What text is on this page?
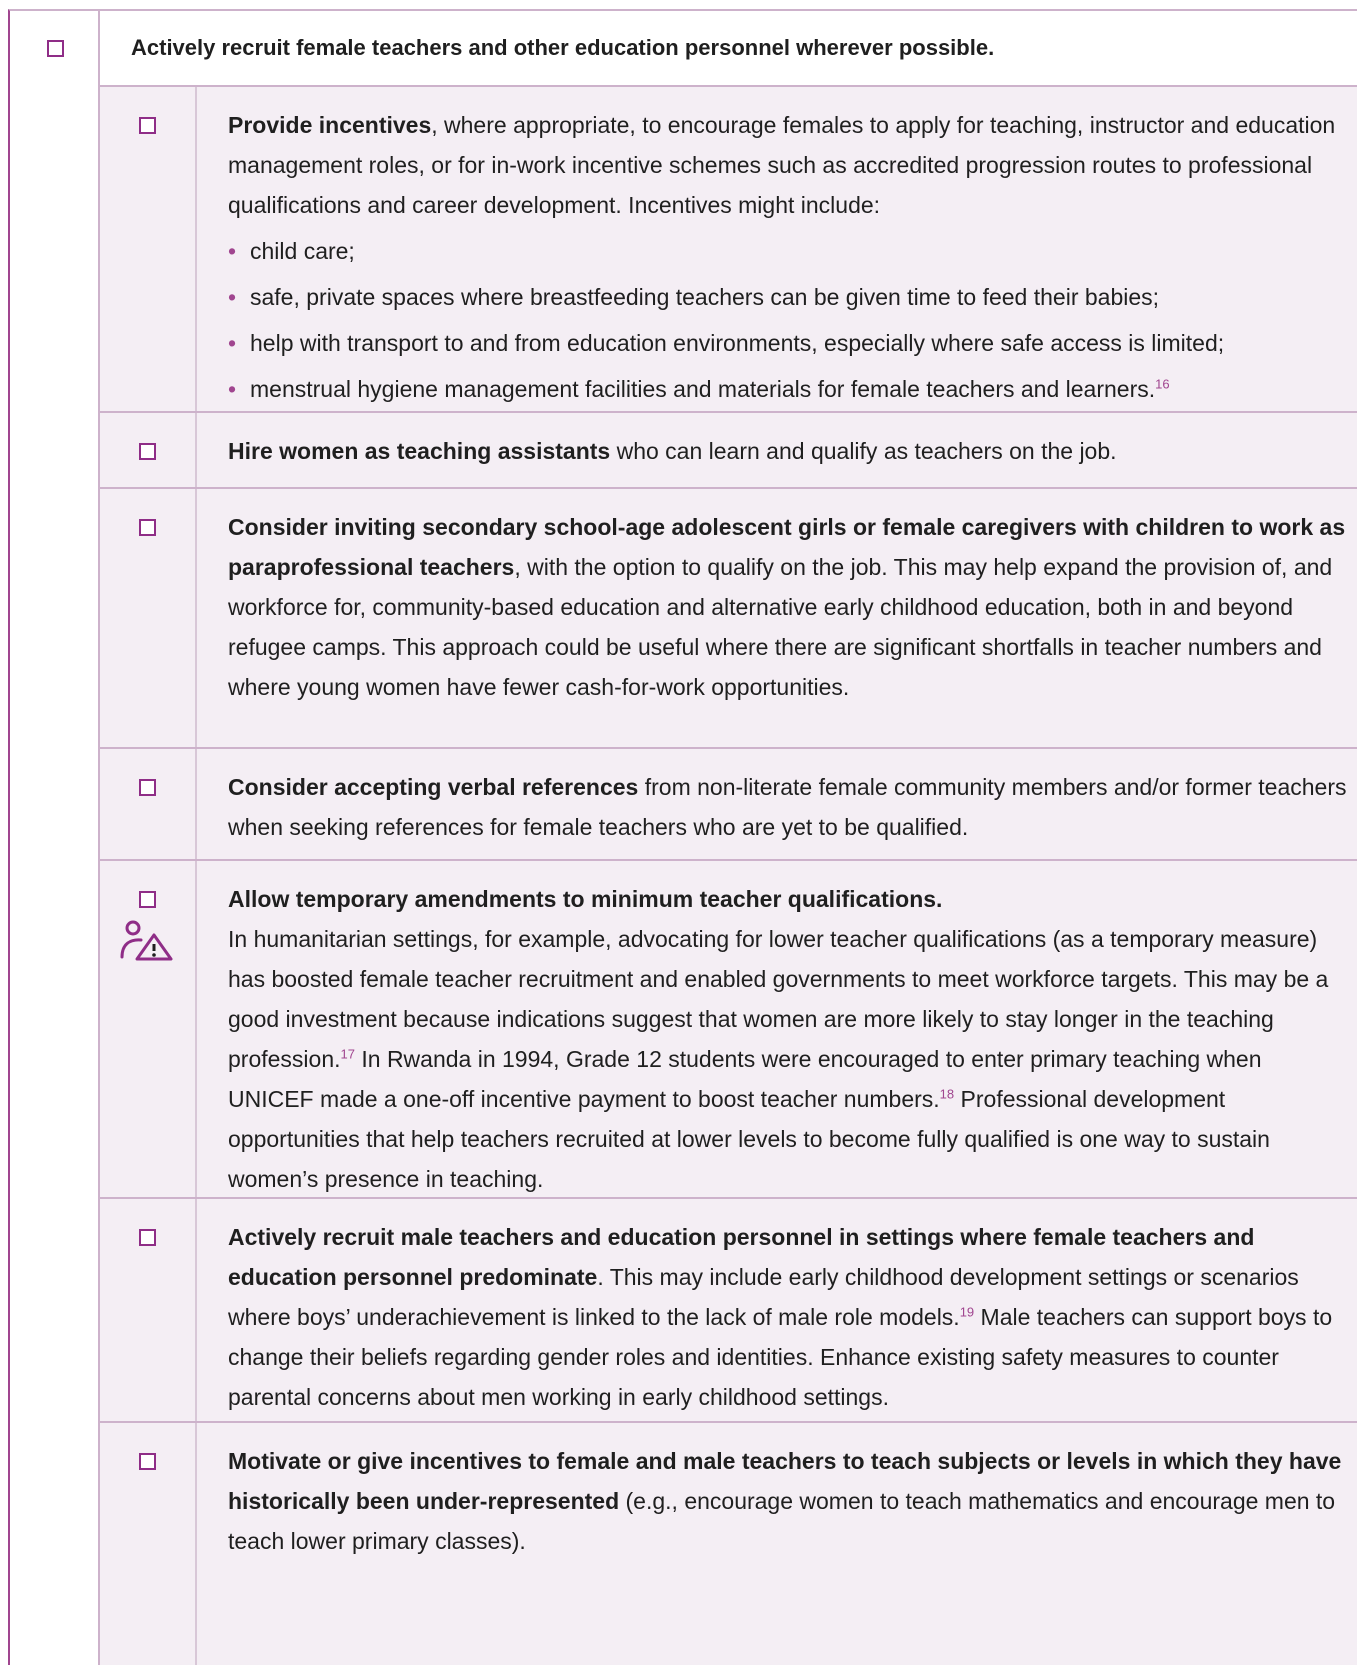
Actively recruit female teachers and other education personnel wherever possible.
Provide incentives, where appropriate, to encourage females to apply for teaching, instructor and education management roles, or for in-work incentive schemes such as accredited progression routes to professional qualifications and career development. Incentives might include:
• child care;
• safe, private spaces where breastfeeding teachers can be given time to feed their babies;
• help with transport to and from education environments, especially where safe access is limited;
• menstrual hygiene management facilities and materials for female teachers and learners.$^{16}$
Hire women as teaching assistants who can learn and qualify as teachers on the job.
Consider inviting secondary school-age adolescent girls or female caregivers with children to work as paraprofessional teachers, with the option to qualify on the job. This may help expand the provision of, and workforce for, community-based education and alternative early childhood education, both in and beyond refugee camps. This approach could be useful where there are significant shortfalls in teacher numbers and where young women have fewer cash-for-work opportunities.
Consider accepting verbal references from non-literate female community members and/or former teachers when seeking references for female teachers who are yet to be qualified.
Allow temporary amendments to minimum teacher qualifications.
In humanitarian settings, for example, advocating for lower teacher qualifications (as a temporary measure) has boosted female teacher recruitment and enabled governments to meet workforce targets. This may be a good investment because indications suggest that women are more likely to stay longer in the teaching profession.$^{17}$ In Rwanda in 1994, Grade 12 students were encouraged to enter primary teaching when UNICEF made a one-off incentive payment to boost teacher numbers.$^{18}$ Professional development opportunities that help teachers recruited at lower levels to become fully qualified is one way to sustain women’s presence in teaching.
Actively recruit male teachers and education personnel in settings where female teachers and education personnel predominate. This may include early childhood development settings or scenarios where boys’ underachievement is linked to the lack of male role models.$^{19}$ Male teachers can support boys to change their beliefs regarding gender roles and identities. Enhance existing safety measures to counter parental concerns about men working in early childhood settings.
Motivate or give incentives to female and male teachers to teach subjects or levels in which they have historically been under-represented (e.g., encourage women to teach mathematics and encourage men to teach lower primary classes).
